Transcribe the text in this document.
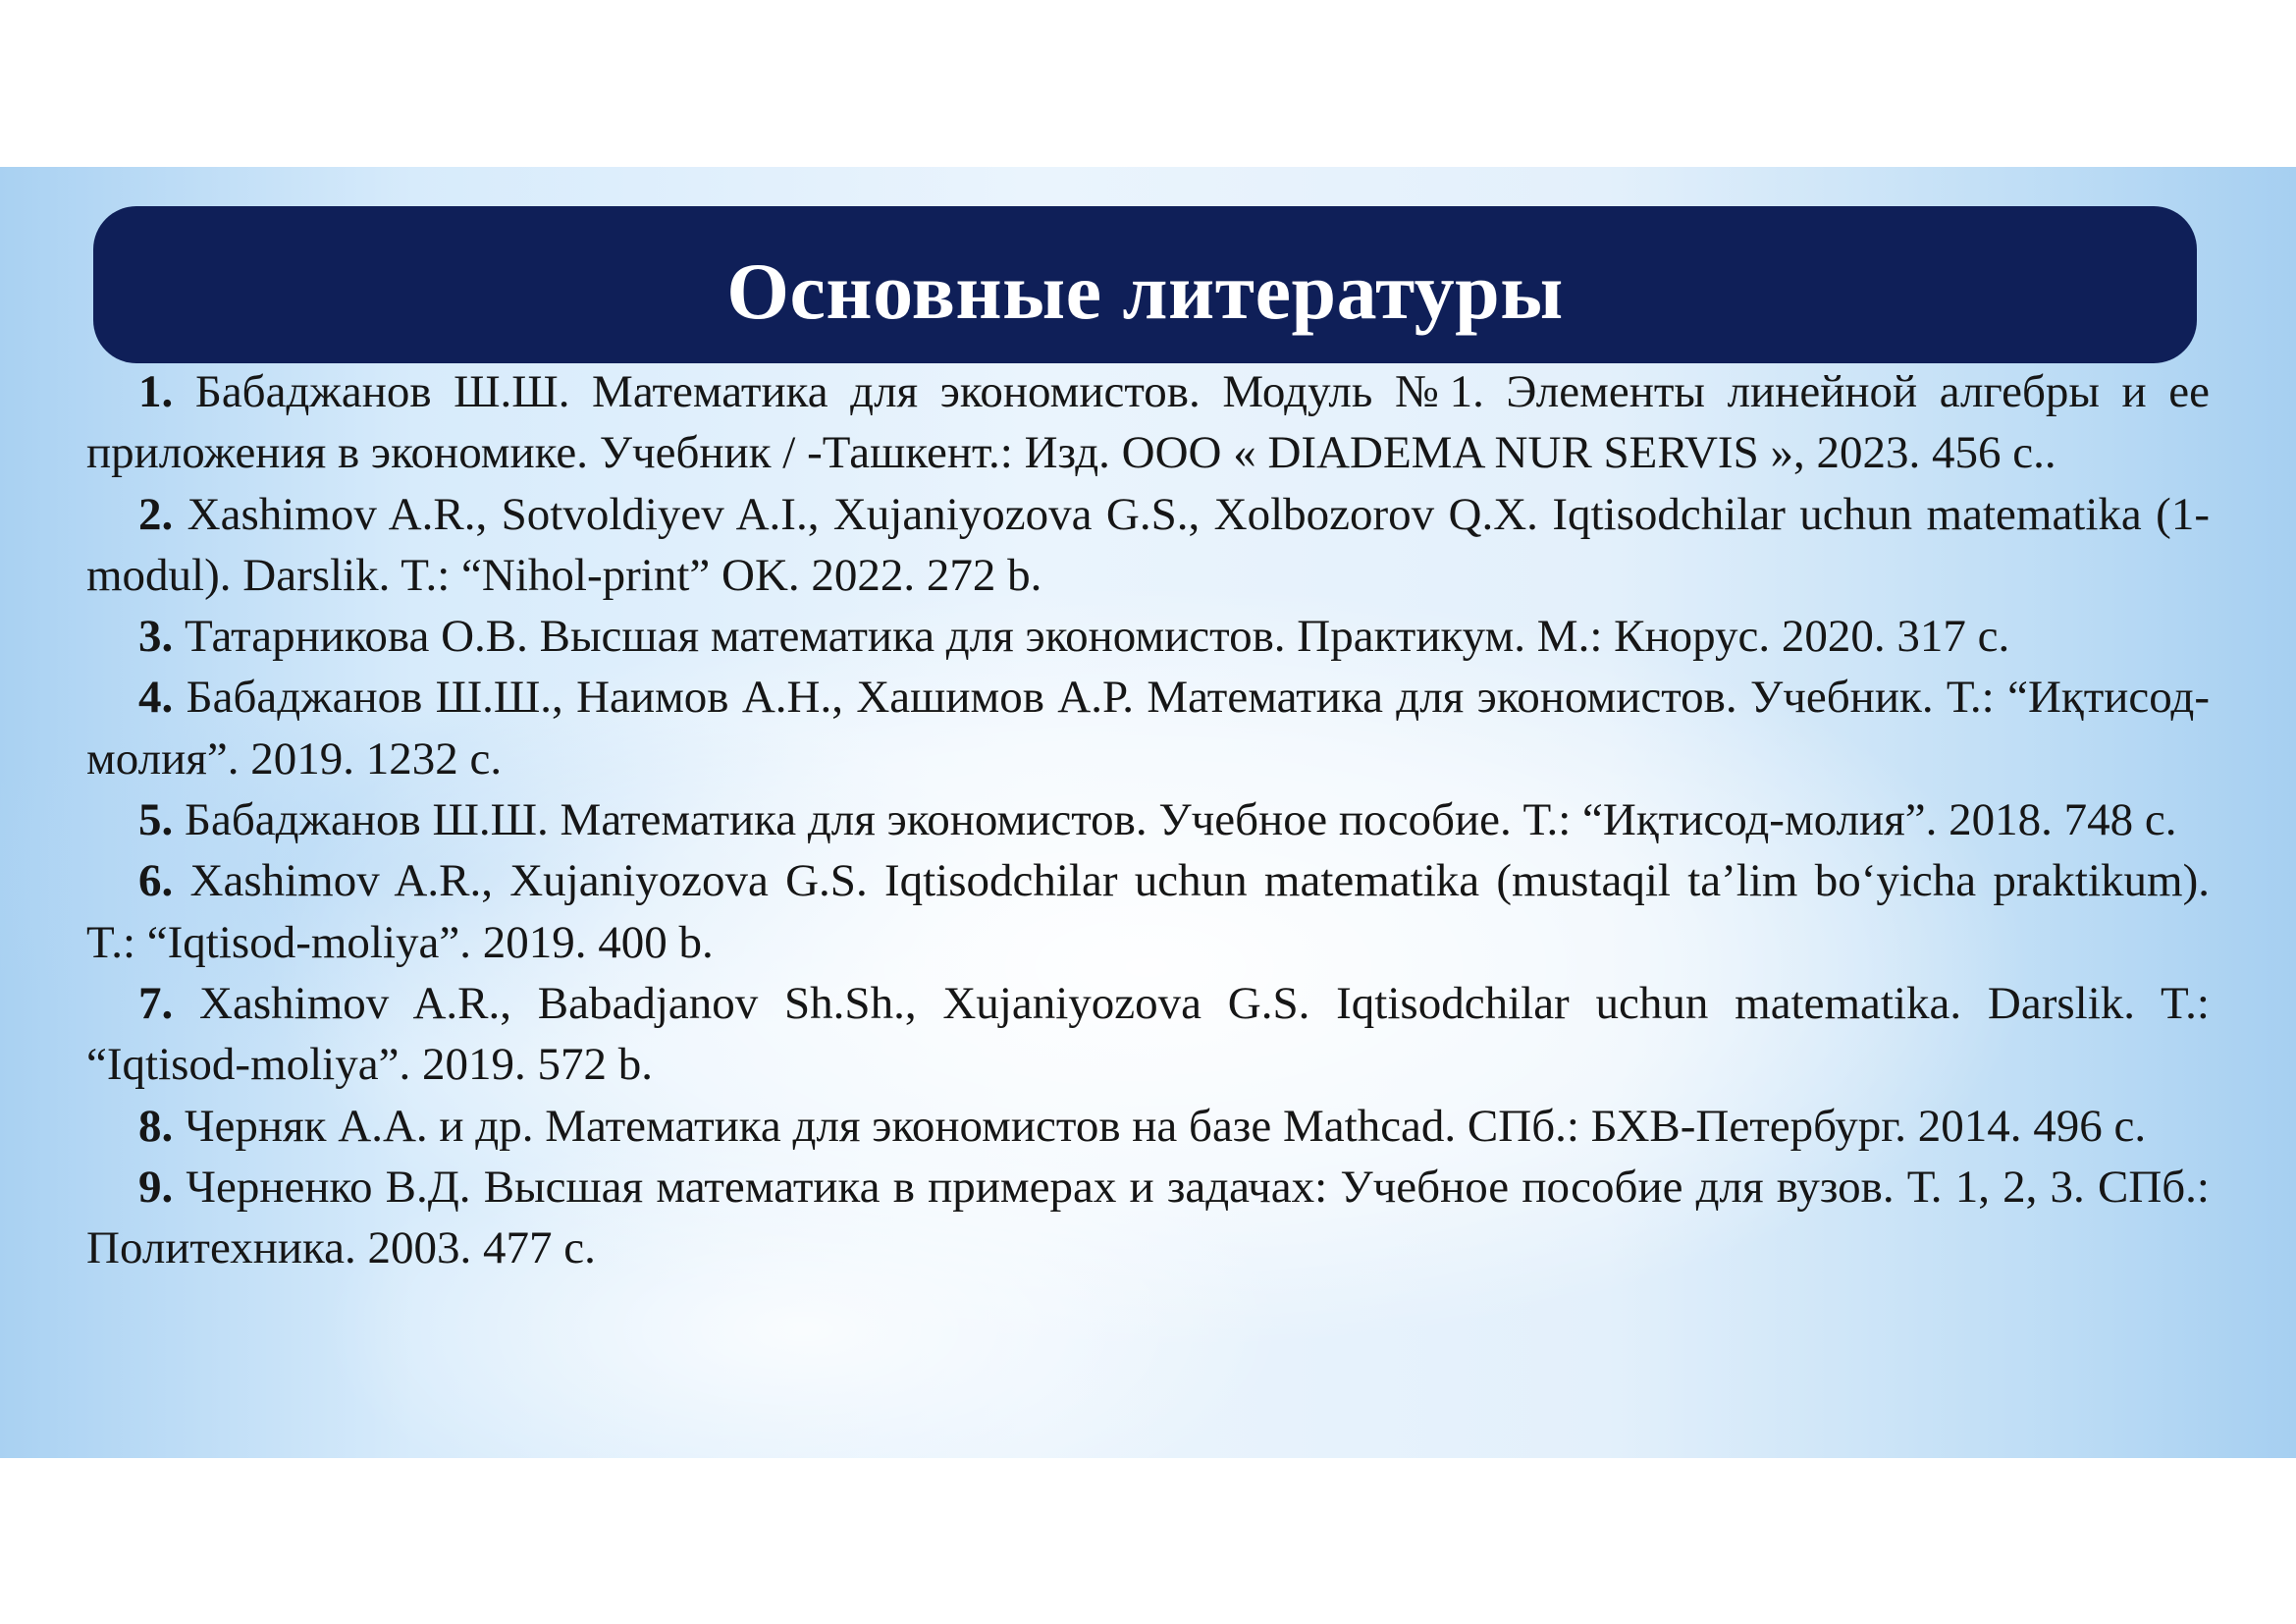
Основные литературы

1. Бабаджанов Ш.Ш. Математика для экономистов. Модуль №1. Элементы линейной алгебры и ее приложения в экономике. Учебник / -Ташкент.: Изд. ООО « DIADEMA NUR SERVIS », 2023. 456 с..

2. Xashimov A.R., Sotvoldiyev A.I., Xujaniyozova G.S., Xolbozorov Q.X. Iqtisodchilar uchun matematika (1-modul). Darslik. T.: “Nihol-print” OK. 2022. 272 b.

3. Татарникова О.В. Высшая математика для экономистов. Практикум. М.: Кнорус. 2020. 317 с.

4. Бабаджанов Ш.Ш., Наимов А.Н., Хашимов А.Р. Математика для экономистов. Учебник. Т.: “Иқтисод-молия”. 2019. 1232 с.

5. Бабаджанов Ш.Ш. Математика для экономистов. Учебное пособие. Т.: “Иқтисод-молия”. 2018. 748 с.

6. Xashimov A.R., Xujaniyozova G.S. Iqtisodchilar uchun matematika (mustaqil ta’lim bo‘yicha praktikum). T.: “Iqtisod-moliya”. 2019. 400 b.

7. Xashimov A.R., Babadjanov Sh.Sh., Xujaniyozova G.S. Iqtisodchilar uchun matematika. Darslik. T.: “Iqtisod-moliya”. 2019. 572 b.

8. Черняк А.А. и др. Математика для экономистов на базе Mathcad. СПб.: БХВ-Петербург. 2014. 496 с.

9. Черненко В.Д. Высшая математика в примерах и задачах: Учебное пособие для вузов. Т. 1, 2, 3. СПб.: Политехника. 2003. 477 с.
